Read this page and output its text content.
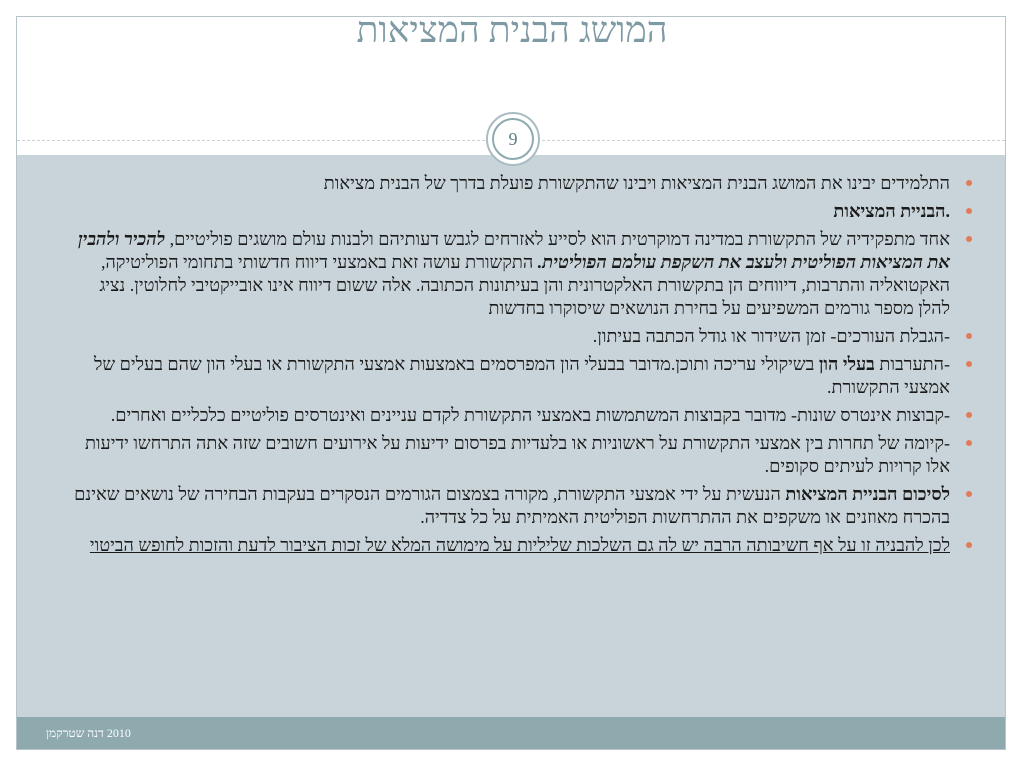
המושג הבנית המציאות
9
התלמידים יבינו את המושג הבנית המציאות ויבינו שהתקשורת פועלת בדרך של הבנית מציאות
.הבניית המציאות
אחד מתפקידיה של התקשורת במדינה דמוקרטית הוא לסייע לאזרחים לגבש דעותיהם ולבנות עולם מושגים פוליטיים, להכיר ולהבין את המציאות הפוליטית ולעצב את השקפת עולמם הפוליטית. התקשורת עושה זאת באמצעי דיווח חדשותי בתחומי הפוליטיקה, האקטואליה והתרבות, דיווחים הן בתקשורת האלקטרונית והן בעיתונות הכתובה. אלה ששום דיווח אינו אובייקטיבי לחלוטין. נציג להלן מספר גורמים המשפיעים על בחירת הנושאים שיסוקרו בחדשות
-הגבלת העורכים- זמן השידור או גודל הכתבה בעיתון.
-התערבות בעלי הון בשיקולי עריכה ותוכן.מדובר בבעלי הון המפרסמים באמצעות אמצעי התקשורת או בעלי הון שהם בעלים של אמצעי התקשורת.
-קבוצות אינטרס שונות- מדובר בקבוצות המשתמשות באמצעי התקשורת לקדם עניינים ואינטרסים פוליטיים כלכליים ואחרים.
-קיומה של תחרות בין אמצעי התקשורת על ראשוניות או בלעדיות בפרסום ידיעות על אירועים חשובים שזה אתה התרחשו ידיעות אלו קרויות לעיתים סקופים.
לסיכום הבניית המציאות הנעשית על ידי אמצעי התקשורת, מקורה בצמצום הגורמים הנסקרים בעקבות הבחירה של נושאים שאינם בהכרח מאוזנים או משקפים את ההתרחשות הפוליטית האמיתית על כל צדדיה.
לכן להבניה זו על אף חשיבותה הרבה יש לה גם השלכות שליליות על מימושה המלא של זכות הציבור לדעת והזכות לחופש הביטוי
2010 דנה שטרקמן
